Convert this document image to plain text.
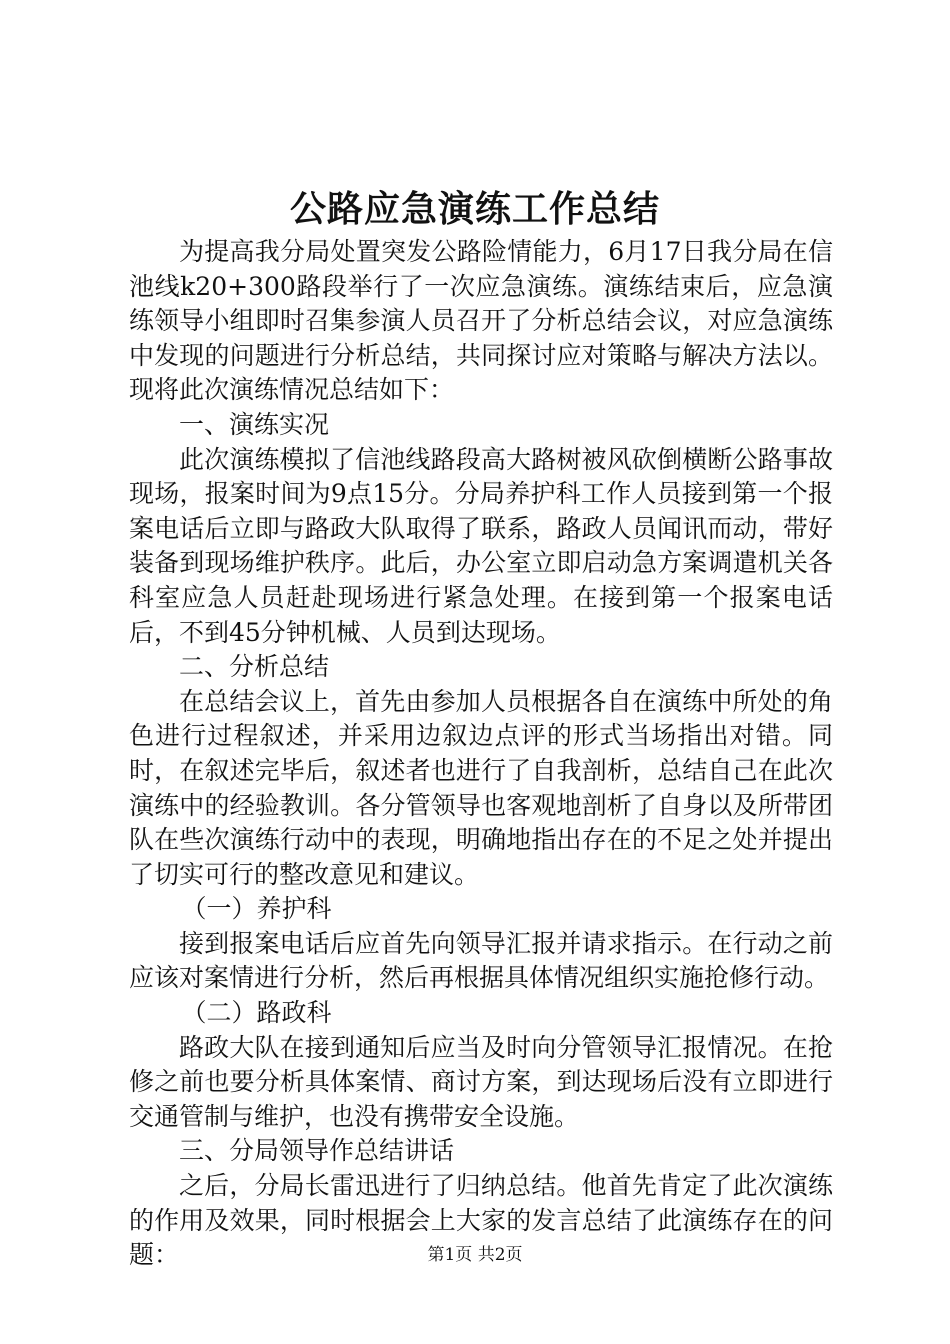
公路应急演练工作总结

为提高我分局处置突发公路险情能力，6月17日我分局在信池线k20+300路段举行了一次应急演练。演练结束后，应急演练领导小组即时召集参演人员召开了分析总结会议，对应急演练中发现的问题进行分析总结，共同探讨应对策略与解决方法以。现将此次演练情况总结如下：

一、演练实况

此次演练模拟了信池线路段高大路树被风砍倒横断公路事故现场，报案时间为9点15分。分局养护科工作人员接到第一个报案电话后立即与路政大队取得了联系，路政人员闻讯而动，带好装备到现场维护秩序。此后，办公室立即启动急方案调遣机关各科室应急人员赶赴现场进行紧急处理。在接到第一个报案电话后，不到45分钟机械、人员到达现场。

二、分析总结

在总结会议上，首先由参加人员根据各自在演练中所处的角色进行过程叙述，并采用边叙边点评的形式当场指出对错。同时，在叙述完毕后，叙述者也进行了自我剖析，总结自己在此次演练中的经验教训。各分管领导也客观地剖析了自身以及所带团队在些次演练行动中的表现，明确地指出存在的不足之处并提出了切实可行的整改意见和建议。

（一）养护科

接到报案电话后应首先向领导汇报并请求指示。在行动之前应该对案情进行分析，然后再根据具体情况组织实施抢修行动。

（二）路政科

路政大队在接到通知后应当及时向分管领导汇报情况。在抢修之前也要分析具体案情、商讨方案，到达现场后没有立即进行交通管制与维护，也没有携带安全设施。

三、分局领导作总结讲话

之后，分局长雷迅进行了归纳总结。他首先肯定了此次演练的作用及效果，同时根据会上大家的发言总结了此演练存在的问题：	第1页 共2页
